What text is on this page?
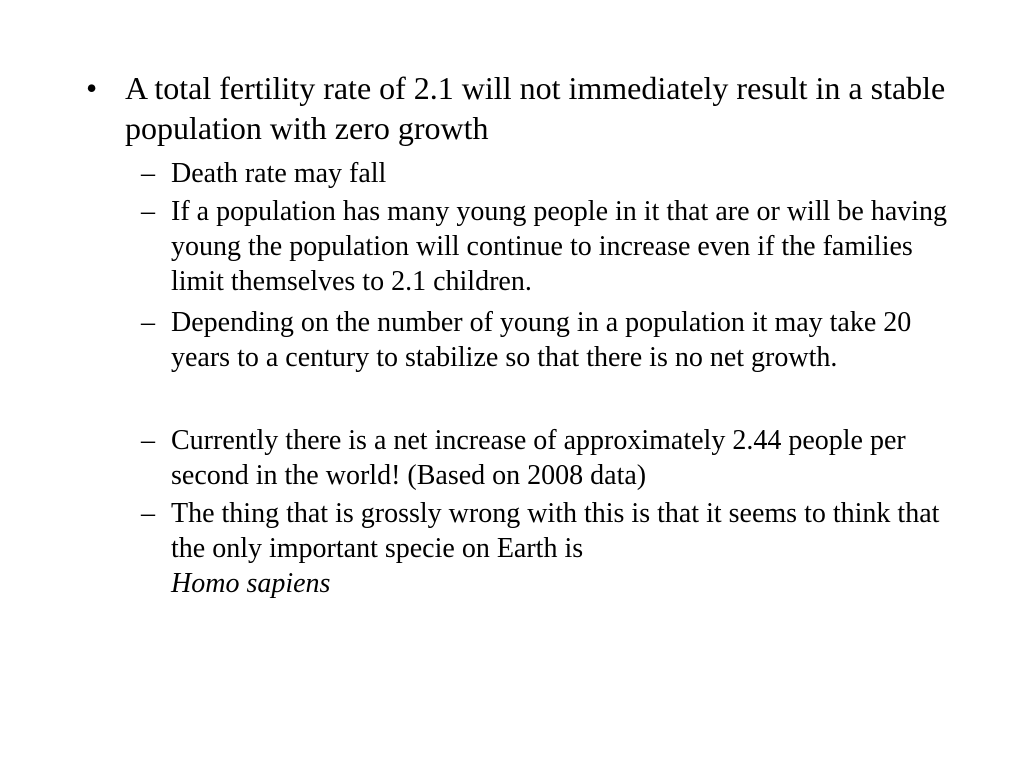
• A total fertility rate of 2.1 will not immediately result in a stable population with zero growth

– Death rate may fall
– If a population has many young people in it that are or will be having young the population will continue to increase even if the families limit themselves to 2.1 children.
– Depending on the number of young in a population it may take 20 years to a century to stabilize so that there is no net growth.
– Currently there is a net increase of approximately 2.44 people per second in the world! (Based on 2008 data)
– The thing that is grossly wrong with this is that it seems to think that the only important specie on Earth is
Homo sapiens
